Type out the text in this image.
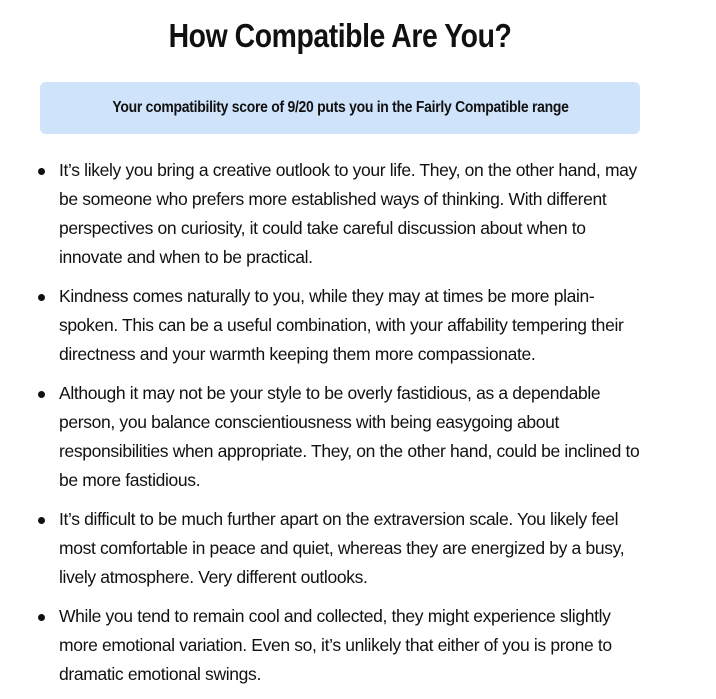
How Compatible Are You?
Your compatibility score of 9/20 puts you in the Fairly Compatible range
It’s likely you bring a creative outlook to your life. They, on the other hand, may be someone who prefers more established ways of thinking. With different perspectives on curiosity, it could take careful discussion about when to innovate and when to be practical.
Kindness comes naturally to you, while they may at times be more plain-spoken. This can be a useful combination, with your affability tempering their directness and your warmth keeping them more compassionate.
Although it may not be your style to be overly fastidious, as a dependable person, you balance conscientiousness with being easygoing about responsibilities when appropriate. They, on the other hand, could be inclined to be more fastidious.
It’s difficult to be much further apart on the extraversion scale. You likely feel most comfortable in peace and quiet, whereas they are energized by a busy, lively atmosphere. Very different outlooks.
While you tend to remain cool and collected, they might experience slightly more emotional variation. Even so, it’s unlikely that either of you is prone to dramatic emotional swings.
